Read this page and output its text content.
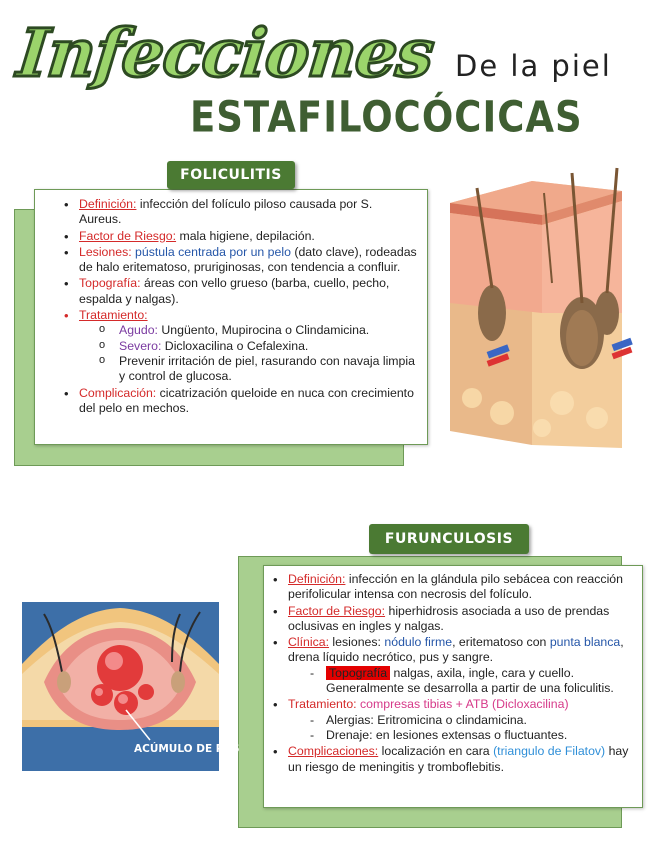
Infecciones
ESTAFILOCÓCICAS
De la piel
• Definición: infección del folículo piloso causada por S. Aureus.
• Factor de Riesgo: mala higiene, depilación.
• Lesiones: pústula centrada por un pelo (dato clave), rodeadas de halo eritematoso, pruriginosas, con tendencia a confluir.
• Topografía: áreas con vello grueso (barba, cuello, pecho, espalda y nalgas).
• Tratamiento:
o Agudo: Ungüento, Mupirocina o Clindamicina.
o Severo: Dicloxacilina o Cefalexina.
o Prevenir irritación de piel, rasurando con navaja limpia y control de glucosa.
• Complicación: cicatrización queloide en nuca con crecimiento del pelo en mechos.
FOLICULITIS
• Definición: infección en la glándula pilo sebácea con reacción perifolicular intensa con necrosis del folículo.
• Factor de Riesgo: hiperhidrosis asociada a uso de prendas oclusivas en ingles y nalgas.
• Clínica: lesiones: nódulo firme, eritematoso con punta blanca, drena líquido necrótico, pus y sangre.
- Topografía nalgas, axila, ingle, cara y cuello. Generalmente se desarrolla a partir de una foliculitis.
• Tratamiento: compresas tibias + ATB (Dicloxacilina)
- Alergias: Eritromicina o clindamicina.
- Drenaje: en lesiones extensas o fluctuantes.
• Complicaciones: localización en cara (triangulo de Filatov) hay un riesgo de meningitis y tromboflebitis.
FURUNCULOSIS
ACÚMULO DE PUS
